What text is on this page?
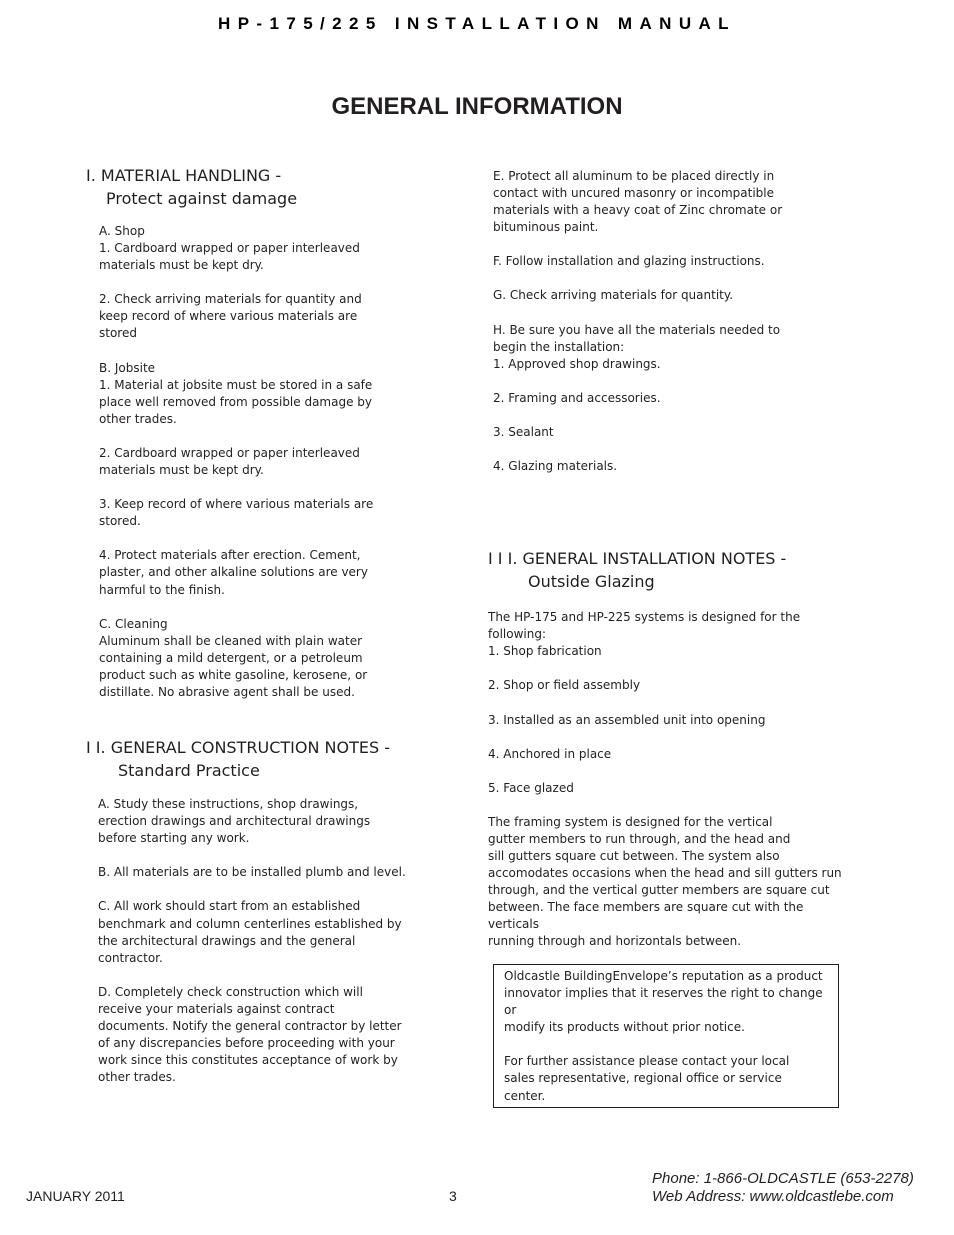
HP-175/225 INSTALLATION MANUAL
GENERAL INFORMATION
I. MATERIAL HANDLING -
Protect against damage
A. Shop
1. Cardboard wrapped or paper interleaved
materials must be kept dry.
2. Check arriving materials for quantity and
keep record of where various materials are
stored
B. Jobsite
1. Material at jobsite must be stored in a safe
place well removed from possible damage by
other trades.
2. Cardboard wrapped or paper interleaved
materials must be kept dry.
3. Keep record of where various materials are
stored.
4. Protect materials after erection. Cement,
plaster, and other alkaline solutions are very
harmful to the finish.
C. Cleaning
Aluminum shall be cleaned with plain water
containing a mild detergent, or a petroleum
product such as white gasoline, kerosene, or
distillate. No abrasive agent shall be used.
I I. GENERAL CONSTRUCTION NOTES -
Standard Practice
A. Study these instructions, shop drawings,
erection drawings and architectural drawings
before starting any work.
B. All materials are to be installed plumb and level.
C. All work should start from an established
benchmark and column centerlines established by
the architectural drawings and the general
contractor.
D. Completely check construction which will
receive your materials against contract
documents. Notify the general contractor by letter
of any discrepancies before proceeding with your
work since this constitutes acceptance of work by
other trades.
E. Protect all aluminum to be placed directly in
contact with uncured masonry or incompatible
materials with a heavy coat of Zinc chromate or
bituminous paint.
F. Follow installation and glazing instructions.
G. Check arriving materials for quantity.
H. Be sure you have all the materials needed to
begin the installation:
1. Approved shop drawings.
2. Framing and accessories.
3. Sealant
4. Glazing materials.
I I I. GENERAL INSTALLATION NOTES -
Outside Glazing
The HP-175 and HP-225 systems is designed for the
following:
1. Shop fabrication
2. Shop or field assembly
3. Installed as an assembled unit into opening
4. Anchored in place
5. Face glazed
The framing system is designed for the vertical
gutter members to run through, and the head and
sill gutters square cut between. The system also
accomodates occasions when the head and sill gutters run
through, and the vertical gutter members are square cut
between. The face members are square cut with the verticals
running through and horizontals between.
Oldcastle BuildingEnvelope’s reputation as a product
innovator implies that it reserves the right to change or
modify its products without prior notice.
For further assistance please contact your local
sales representative, regional office or service
center.
JANUARY 2011	3
Phone: 1-866-OLDCASTLE (653-2278)
Web Address: www.oldcastlebe.com
